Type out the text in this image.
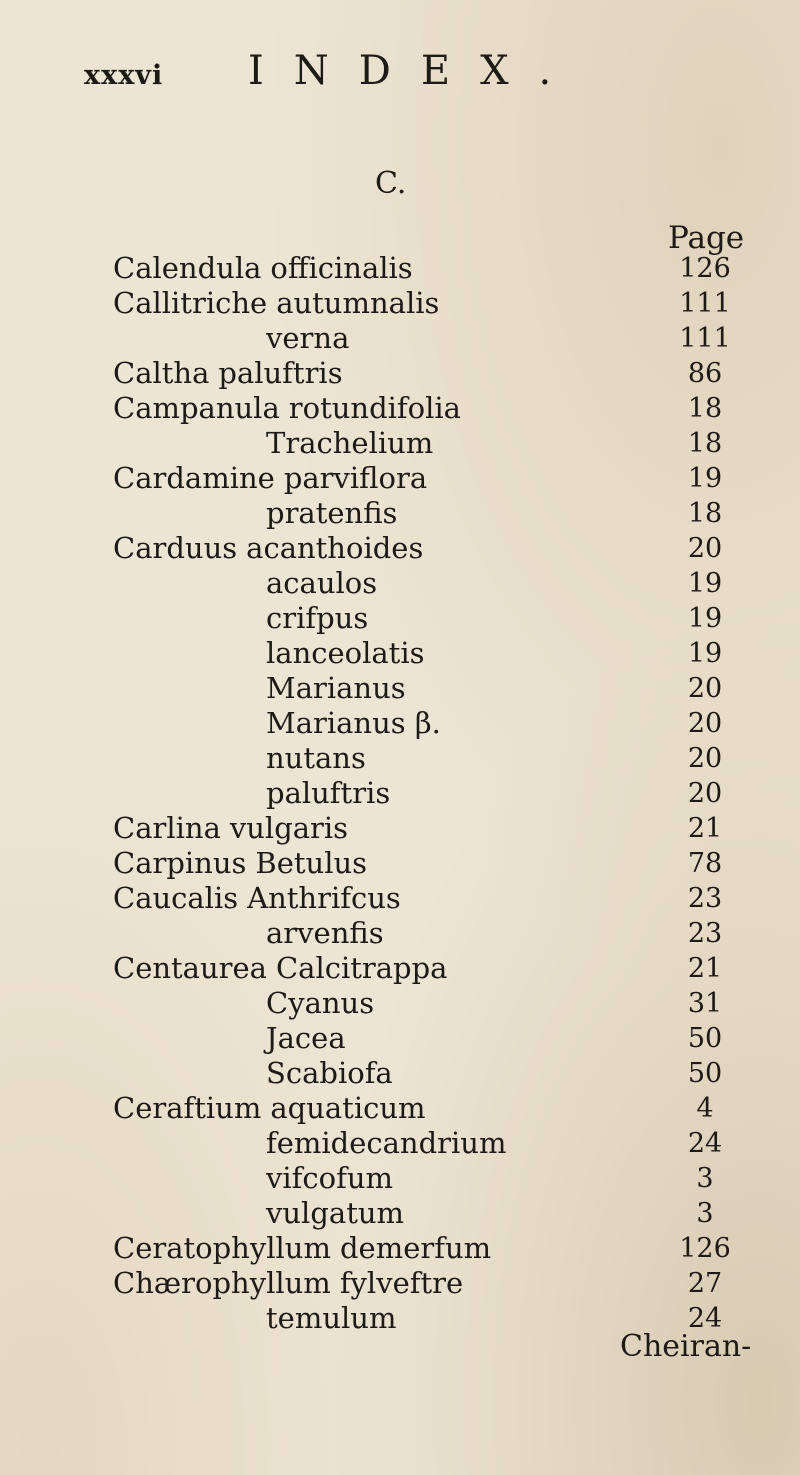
xxxvi INDEX.
C.
Page
Calendula officinalis	126
Callitriche autumnalis	111
verna	111
Caltha paluftris	86
Campanula rotundifolia	18
Trachelium	18
Cardamine parviflora	19
pratenfis	18
Carduus acanthoides	20
acaulos	19
crifpus	19
lanceolatis	19
Marianus	20
Marianus β.	20
nutans	20
paluftris	20
Carlina vulgaris	21
Carpinus Betulus	78
Caucalis Anthrifcus	23
arvenfis	23
Centaurea Calcitrappa	21
Cyanus	31
Jacea	50
Scabiofa	50
Ceraftium aquaticum	4
femidecandrium	24
vifcofum	3
vulgatum	3
Ceratophyllum demerfum	126
Chærophyllum fylveftre	27
temulum	24
Cheiran-
